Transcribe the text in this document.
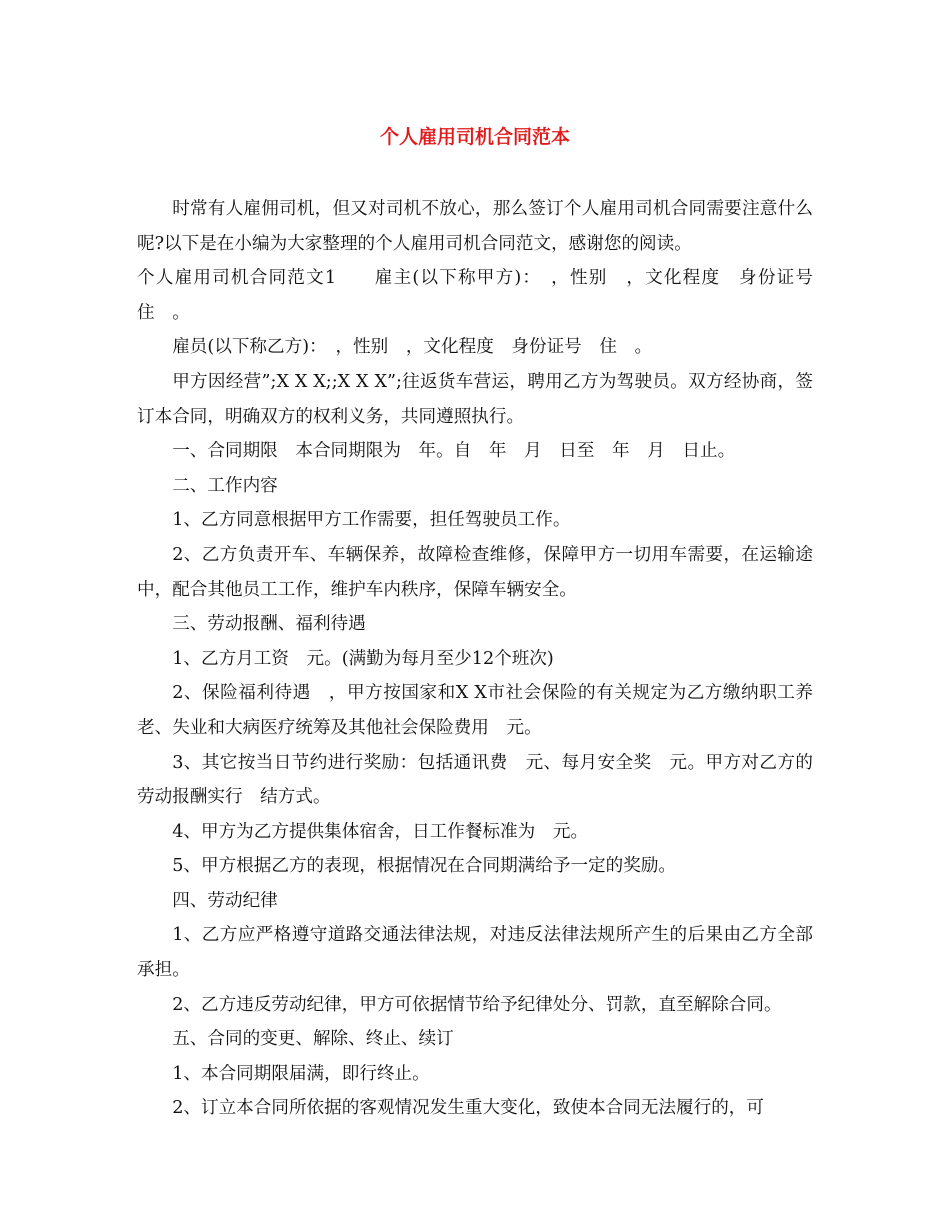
个人雇用司机合同范本

时常有人雇佣司机，但又对司机不放心，那么签订个人雇用司机合同需要注意什么呢?以下是在小编为大家整理的个人雇用司机合同范文，感谢您的阅读。

个人雇用司机合同范文1　　雇主(以下称甲方)：　，性别　，文化程度　身份证号　住　。

雇员(以下称乙方)：　，性别　，文化程度　身份证号　住　。

甲方因经营”;X X X;;X X X”;往返货车营运，聘用乙方为驾驶员。双方经协商，签订本合同，明确双方的权利义务，共同遵照执行。

一、合同期限　本合同期限为　年。自　年　月　日至　年　月　日止。

二、工作内容

1、乙方同意根据甲方工作需要，担任驾驶员工作。

2、乙方负责开车、车辆保养，故障检查维修，保障甲方一切用车需要，在运输途中，配合其他员工工作，维护车内秩序，保障车辆安全。

三、劳动报酬、福利待遇

1、乙方月工资　元。(满勤为每月至少12个班次)

2、保险福利待遇　，甲方按国家和X X市社会保险的有关规定为乙方缴纳职工养老、失业和大病医疗统筹及其他社会保险费用　元。

3、其它按当日节约进行奖励：包括通讯费　元、每月安全奖　元。甲方对乙方的劳动报酬实行　结方式。

4、甲方为乙方提供集体宿舍，日工作餐标准为　元。

5、甲方根据乙方的表现，根据情况在合同期满给予一定的奖励。

四、劳动纪律

1、乙方应严格遵守道路交通法律法规，对违反法律法规所产生的后果由乙方全部承担。

2、乙方违反劳动纪律，甲方可依据情节给予纪律处分、罚款，直至解除合同。

五、合同的变更、解除、终止、续订

1、本合同期限届满，即行终止。

2、订立本合同所依据的客观情况发生重大变化，致使本合同无法履行的，可
